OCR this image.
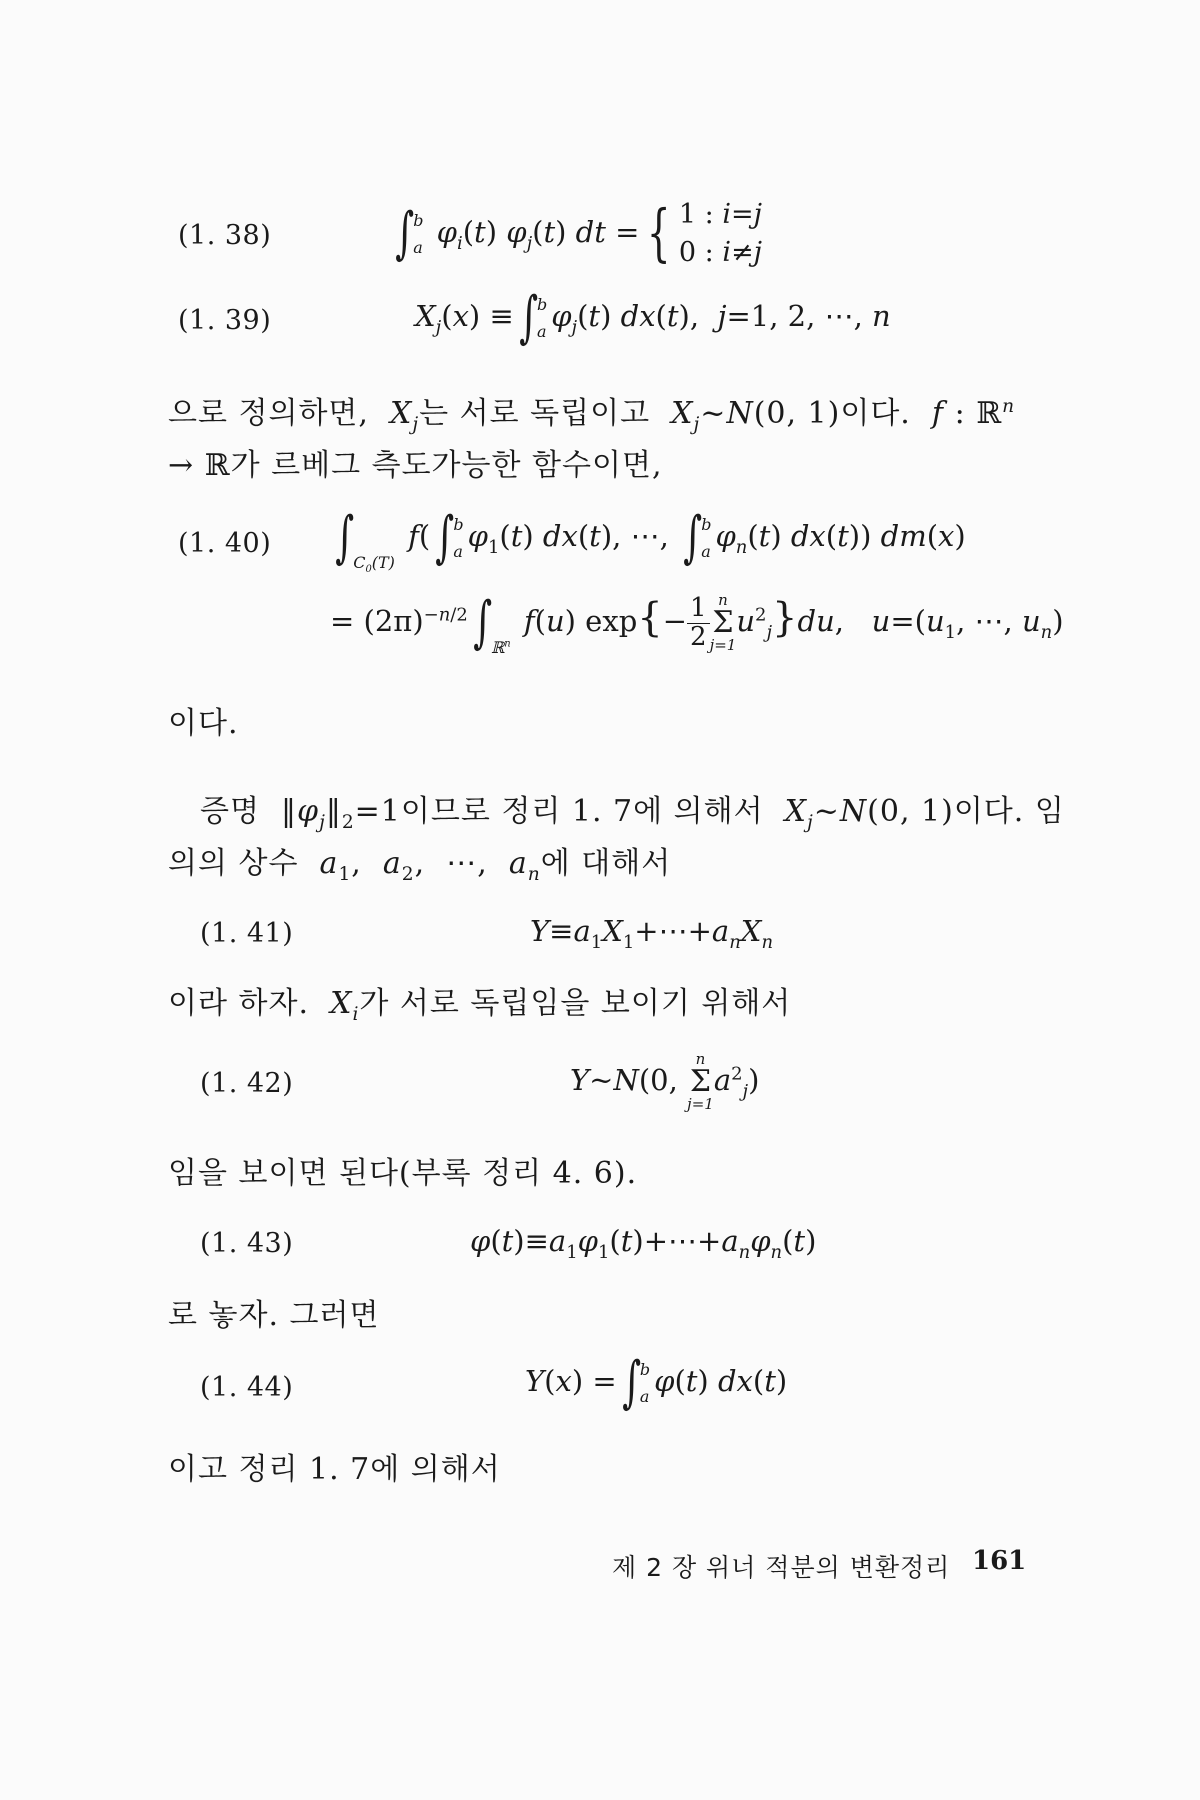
(1. 38) ∫b
a $\varphi_i(t)$ $\varphi_j(t)$ dt = { 1 : i=j
0 : i≠j
(1. 39)	$X_j(x) \equiv\int b$
a $\varphi_j(t)$ dx(t),  j=1, 2, ⋯, n
으로 정의하면, $X_j$는 서로 독립이고 $X_j\sim N(0$, 1)이다. f : ℝ$^n$
→ ℝ가 르베그 측도가능한 함수이면,
(1. 40) $\int C_0(T)$ f(∫b
a $\varphi_1(t)$ dx(t), ⋯, ∫b
a $\varphi_n(t)$ dx(t)) dm(x)
= $(2\pi)^{-n/2}\int ℝ^n$ f(u) $\exp\{- \frac{1}{2}$ n
Σ
j=1
$u^2_j\}du$,   $u=(u_1$, ⋯, $u_n$)
이다.
증명  $‖\varphi_j‖_2=1$이므로 정리 1. 7에 의해서 $X_j\sim N(0$, 1)이다. 임
의의 상수 $a_1$,  $a_2$,  ⋯,  $a_n$에 대해서
(1. 41)	$Y\equiv a_1X_1+\cdots+a_nX_n$
이라 하자. $X_i$가 서로 독립임을 보이기 위해서
(1. 42)	Y~N(0,
n
Σ
j=1
$a^2_j$)
임을 보이면 된다(부록 정리 4. 6).
(1. 43)	$\varphi(t)\equiv a_1\varphi_1(t)+\cdots+a_n\varphi_n(t)$
로 놓자. 그러면
(1. 44)	Y(x) =∫b
a φ(t) dx(t)
이고 정리 1. 7에 의해서
제 2 장 위너 적분의 변환정리 161
